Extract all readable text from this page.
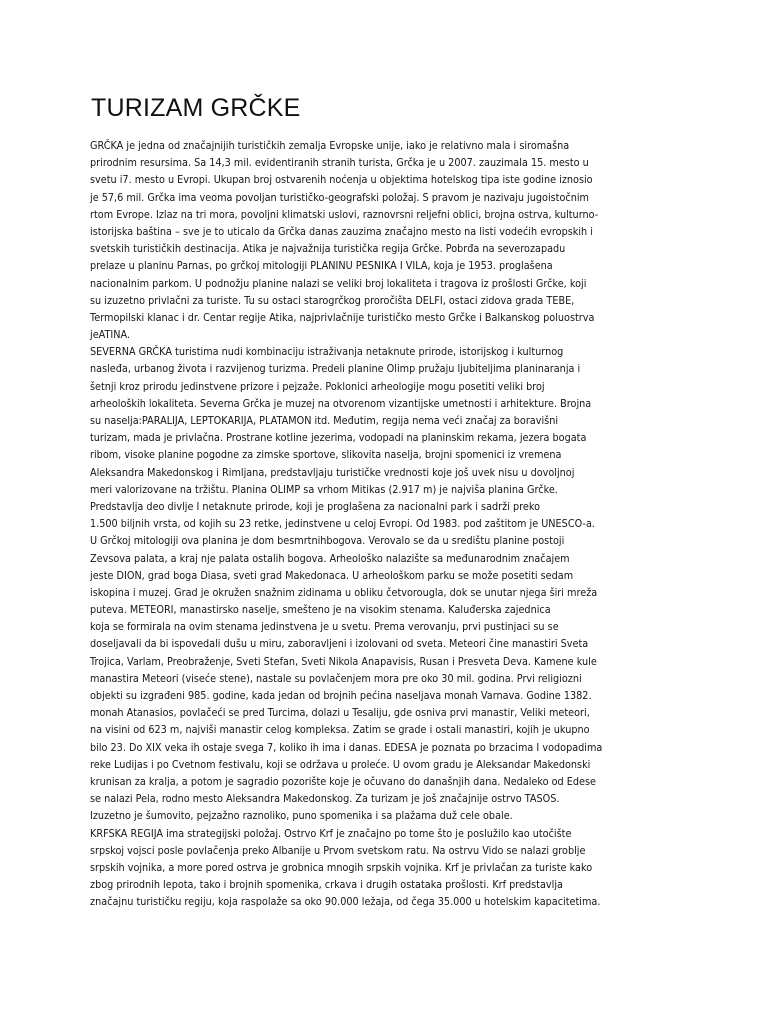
TURIZAM GRČKE
GRČKA je jedna od značajnijih turističkih zemalja Evropske unije, iako je relativno mala i siromašna
prirodnim resursima. Sa 14,3 mil. evidentiranih stranih turista, Grčka je u 2007. zauzimala 15. mesto u
svetu i7. mesto u Evropi. Ukupan broj ostvarenih noćenja u objektima hotelskog tipa iste godine iznosio
je 57,6 mil. Grčka ima veoma povoljan turističko-geografski položaj. S pravom je nazivaju jugoistočnim
rtom Evrope. Izlaz na tri mora, povoljni klimatski uslovi, raznovrsni reljefni oblici, brojna ostrva, kulturno-
istorijska baština – sve je to uticalo da Grčka danas zauzima značajno mesto na listi vodećih evropskih i
svetskih turističkih destinacija. Atika je najvažnija turistička regija Grčke. Pobrđa na severozapadu
prelaze u planinu Parnas, po grčkoj mitologiji PLANINU PESNIKA I VILA, koja je 1953. proglašena
nacionalnim parkom. U podnožju planine nalazi se veliki broj lokaliteta i tragova iz prošlosti Grčke, koji
su izuzetno privlačni za turiste. Tu su ostaci starogrčkog proročišta DELFI, ostaci zidova grada TEBE,
Termopilski klanac i dr. Centar regije Atika, najprivlačnije turističko mesto Grčke i Balkanskog poluostrva
jeATINA.
SEVERNA GRČKA turistima nudi kombinaciju istraživanja netaknute prirode, istorijskog i kulturnog
nasleđa, urbanog života i razvijenog turizma. Predeli planine Olimp pružaju ljubiteljima planinaranja i
šetnji kroz prirodu jedinstvene prizore i pejzaže. Poklonici arheologije mogu posetiti veliki broj
arheoloških lokaliteta. Severna Grčka je muzej na otvorenom vizantijske umetnosti i arhitekture. Brojna
su naselja:PARALIJA, LEPTOKARIJA, PLATAMON itd. Međutim, regija nema veći značaj za boravišni
turizam, mada je privlačna. Prostrane kotline jezerima, vodopadi na planinskim rekama, jezera bogata
ribom, visoke planine pogodne za zimske sportove, slikovita naselja, brojni spomenici iz vremena
Aleksandra Makedonskog i Rimljana, predstavljaju turističke vrednosti koje još uvek nisu u dovoljnoj
meri valorizovane na tržištu. Planina OLIMP sa vrhom Mitikas (2.917 m) je najviša planina Grčke.
Predstavlja deo divlje I netaknute prirode, koji je proglašena za nacionalni park i sadrži preko
1.500 biljnih vrsta, od kojih su 23 retke, jedinstvene u celoj Evropi. Od 1983. pod zaštitom je UNESCO-a.
U Grčkoj mitologiji ova planina je dom besmrtnihbogova. Verovalo se da u središtu planine postoji
Zevsova palata, a kraj nje palata ostalih bogova. Arheološko nalazište sa međunarodnim značajem
jeste DION, grad boga Diasa, sveti grad Makedonaca. U arheološkom parku se može posetiti sedam
iskopina i muzej. Grad je okružen snažnim zidinama u obliku četvorougla, dok se unutar njega širi mreža
puteva. METEORI, manastirsko naselje, smešteno je na visokim stenama. Kaluđerska zajednica
koja se formirala na ovim stenama jedinstvena je u svetu. Prema verovanju, prvi pustinjaci su se
doseljavali da bi ispovedali dušu u miru, zaboravljeni i izolovani od sveta. Meteori čine manastiri Sveta
Trojica, Varlam, Preobraženje, Sveti Stefan, Sveti Nikola Anapavisis, Rusan i Presveta Deva. Kamene kule
manastira Meteori (viseće stene), nastale su povlačenjem mora pre oko 30 mil. godina. Prvi religiozni
objekti su izgrađeni 985. godine, kada jedan od brojnih pećina naseljava monah Varnava. Godine 1382.
monah Atanasios, povlačeći se pred Turcima, dolazi u Tesaliju, gde osniva prvi manastir, Veliki meteori,
na visini od 623 m, najviši manastir celog kompleksa. Zatim se grade i ostali manastiri, kojih je ukupno
bilo 23. Do XIX veka ih ostaje svega 7, koliko ih ima i danas. EDESA je poznata po brzacima I vodopadima
reke Ludijas i po Cvetnom festivalu, koji se održava u proleće. U ovom gradu je Aleksandar Makedonski
krunisan za kralja, a potom je sagradio pozorište koje je očuvano do današnjih dana. Nedaleko od Edese
se nalazi Pela, rodno mesto Aleksandra Makedonskog. Za turizam je još značajnije ostrvo TASOS.
Izuzetno je šumovito, pejzažno raznoliko, puno spomenika i sa plažama duž cele obale.
KRFSKA REGIJA ima strategijski položaj. Ostrvo Krf je značajno po tome što je poslužilo kao utočište
srpskoj vojsci posle povlačenja preko Albanije u Prvom svetskom ratu. Na ostrvu Vido se nalazi groblje
srpskih vojnika, a more pored ostrva je grobnica mnogih srpskih vojnika. Krf je privlačan za turiste kako
zbog prirodnih lepota, tako i brojnih spomenika, crkava i drugih ostataka prošlosti. Krf predstavlja
značajnu turističku regiju, koja raspolaže sa oko 90.000 ležaja, od čega 35.000 u hotelskim kapacitetima.
